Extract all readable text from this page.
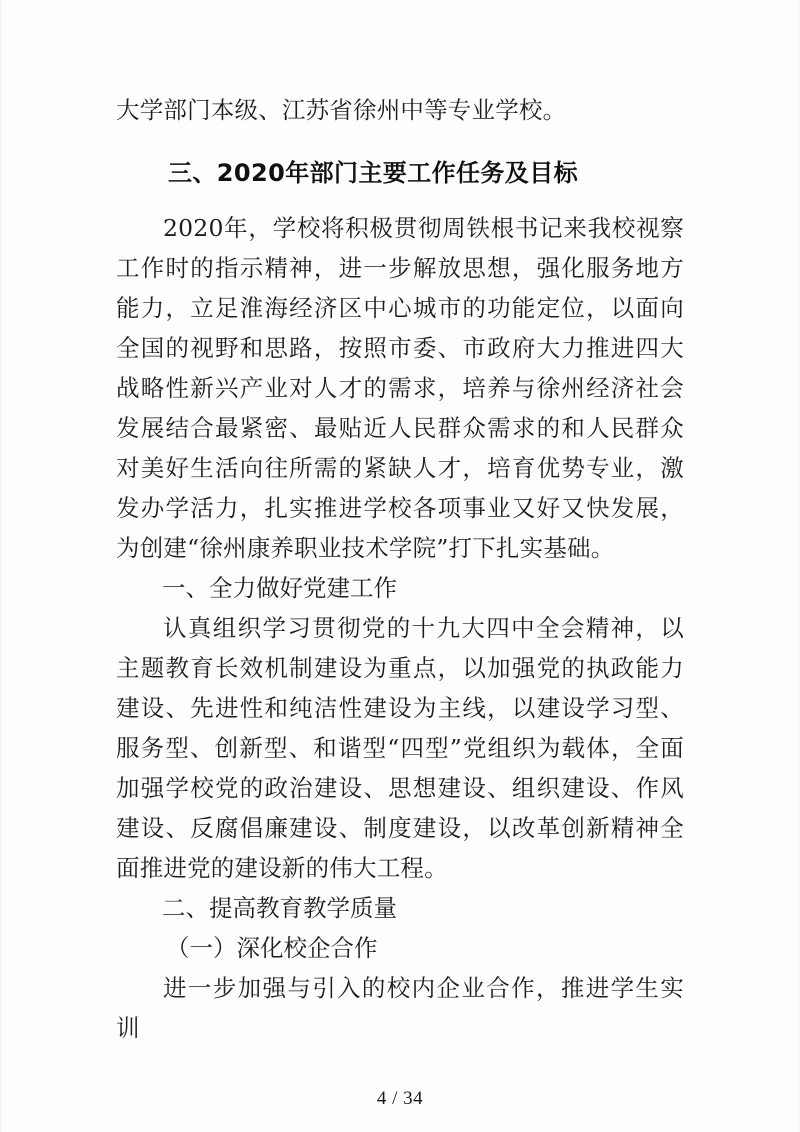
大学部门本级、江苏省徐州中等专业学校。

三、2020年部门主要工作任务及目标

2020年，学校将积极贯彻周铁根书记来我校视察工作时的指示精神，进一步解放思想，强化服务地方能力，立足淮海经济区中心城市的功能定位，以面向全国的视野和思路，按照市委、市政府大力推进四大战略性新兴产业对人才的需求，培养与徐州经济社会发展结合最紧密、最贴近人民群众需求的和人民群众对美好生活向往所需的紧缺人才，培育优势专业，激发办学活力，扎实推进学校各项事业又好又快发展，为创建“徐州康养职业技术学院”打下扎实基础。

一、全力做好党建工作

认真组织学习贯彻党的十九大四中全会精神，以主题教育长效机制建设为重点，以加强党的执政能力建设、先进性和纯洁性建设为主线，以建设学习型、服务型、创新型、和谐型“四型”党组织为载体，全面加强学校党的政治建设、思想建设、组织建设、作风建设、反腐倡廉建设、制度建设，以改革创新精神全面推进党的建设新的伟大工程。

二、提高教育教学质量

（一）深化校企合作

进一步加强与引入的校内企业合作，推进学生实训

4 / 34
